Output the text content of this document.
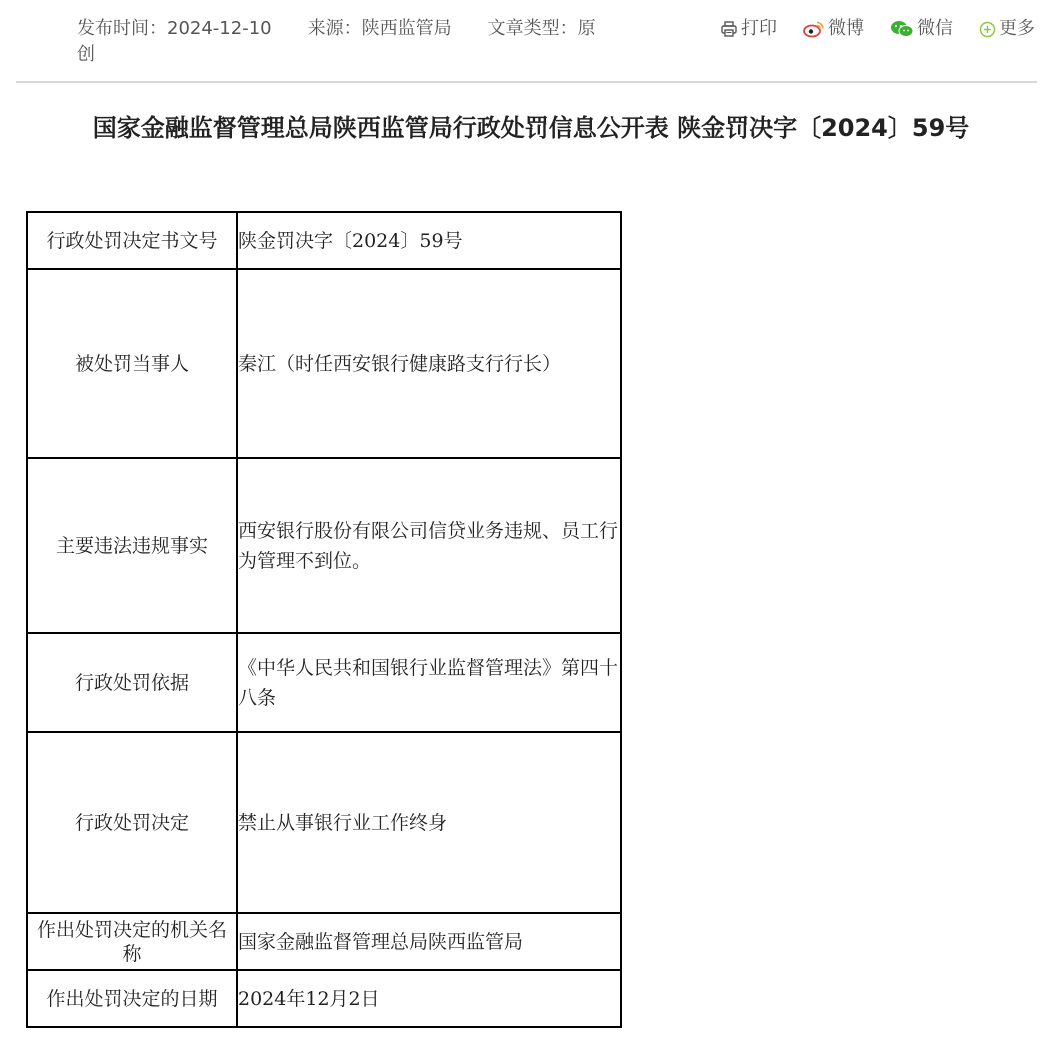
发布时间：2024-12-10 来源：陕西监管局 文章类型：原
创
打印	微博	微信	更多
国家金融监督管理总局陕西监管局行政处罚信息公开表 陕金罚决字〔2024〕59号
行政处罚决定书文号	陕金罚决字〔2024〕59号
被处罚当事人	秦江（时任西安银行健康路支行行长）
主要违法违规事实	西安银行股份有限公司信贷业务违规、员工行为管理不到位。
行政处罚依据	《中华人民共和国银行业监督管理法》第四十八条
行政处罚决定	禁止从事银行业工作终身
作出处罚决定的机关名称	国家金融监督管理总局陕西监管局
作出处罚决定的日期	2024年12月2日
